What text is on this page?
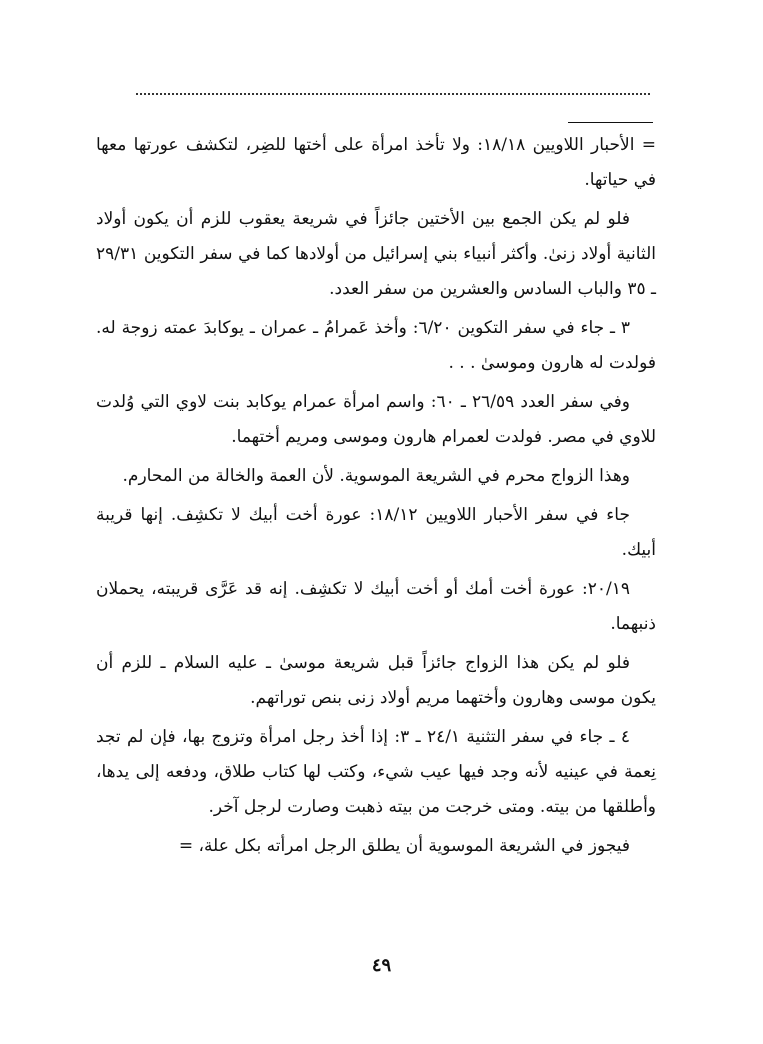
= الأحبار اللاويين ١٨/١٨: ولا تأخذ امرأة على أختها للضِر، لتكشف عورتها معها في حياتها.

فلو لم يكن الجمع بين الأختين جائزاً في شريعة يعقوب للزم أن يكون أولاد الثانية أولاد زنىٰ. وأكثر أنبياء بني إسرائيل من أولادها كما في سفر التكوين ٢٩/٣١ ـ ٣٥ والباب السادس والعشرين من سفر العدد.

٣ ـ جاء في سفر التكوين ٦/٢٠: وأخذ عَمرامُ ـ عمران ـ يوكابدَ عمته زوجة له. فولدت له هارون وموسىٰ . . .

وفي سفر العدد ٢٦/٥٩ ـ ٦٠: واسم امرأة عمرام يوكابد بنت لاوي التي وُلدت للاوي في مصر. فولدت لعمرام هارون وموسى ومريم أختهما.

وهذا الزواج محرم في الشريعة الموسوية. لأن العمة والخالة من المحارم.

جاء في سفر الأحبار اللاويين ١٨/١٢: عورة أخت أبيك لا تكشِف. إنها قريبة أبيك.

٢٠/١٩: عورة أخت أمك أو أخت أبيك لا تكشِف. إنه قد عَرَّى قريبته، يحملان ذنبهما.

فلو لم يكن هذا الزواج جائزاً قبل شريعة موسىٰ ـ عليه السلام ـ للزم أن يكون موسى وهارون وأختهما مريم أولاد زنى بنص توراتهم.

٤ ـ جاء في سفر التثنية ٢٤/١ ـ ٣: إذا أخذ رجل امرأة وتزوج بها، فإن لم تجد نِعمة في عينيه لأنه وجد فيها عيب شيء، وكتب لها كتاب طلاق، ودفعه إلى يدها، وأطلقها من بيته. ومتى خرجت من بيته ذهبت وصارت لرجل آخر.

فيجوز في الشريعة الموسوية أن يطلق الرجل امرأته بكل علة، =

٤٩
